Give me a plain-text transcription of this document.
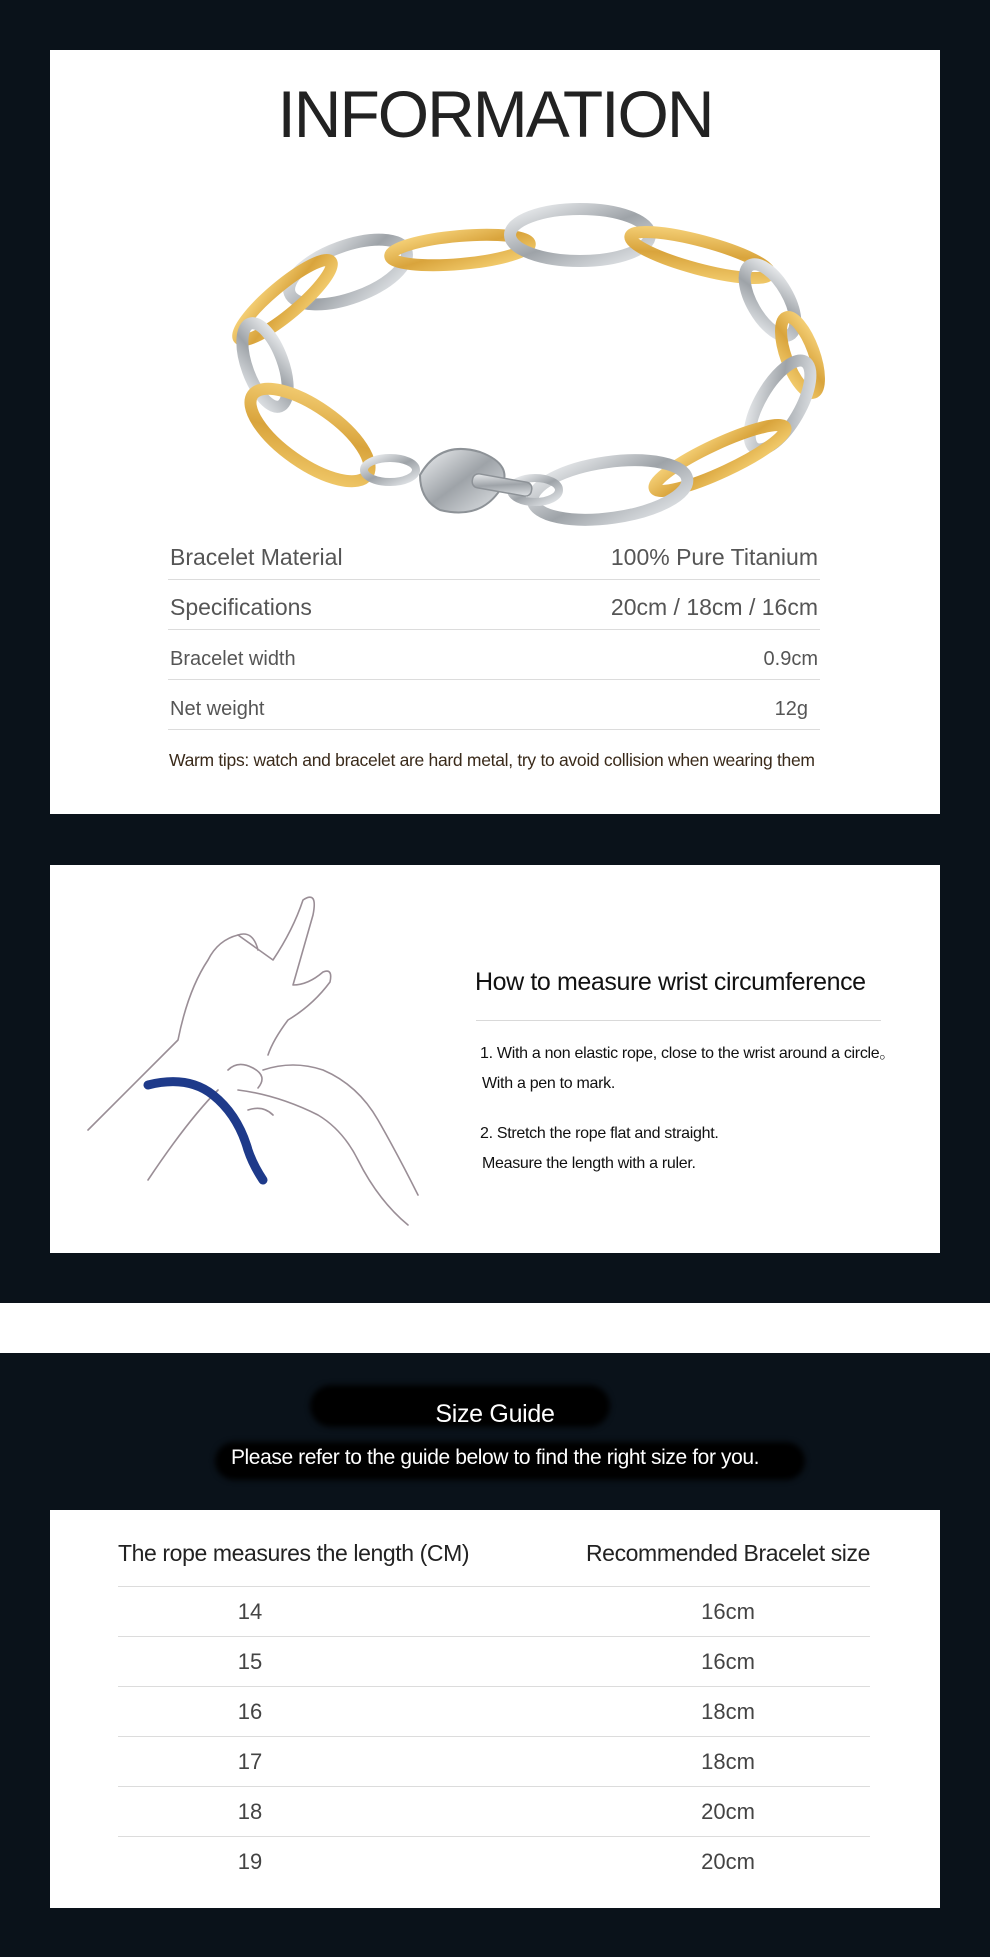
INFORMATION
Bracelet Material	100% Pure Titanium
Specifications	20cm / 18cm / 16cm
Bracelet width	0.9cm
Net weight	12g
Warm tips: watch and bracelet are hard metal, try to avoid collision when wearing them
How to measure wrist circumference
1. With a non elastic rope, close to the wrist around a circle。
With a pen to mark.
2. Stretch the rope flat and straight.
Measure the length with a ruler.
Size Guide
Please refer to the guide below to find the right size for you.
The rope measures the length (CM)	Recommended Bracelet size
14	16cm
15	16cm
16	18cm
17	18cm
18	20cm
19	20cm
